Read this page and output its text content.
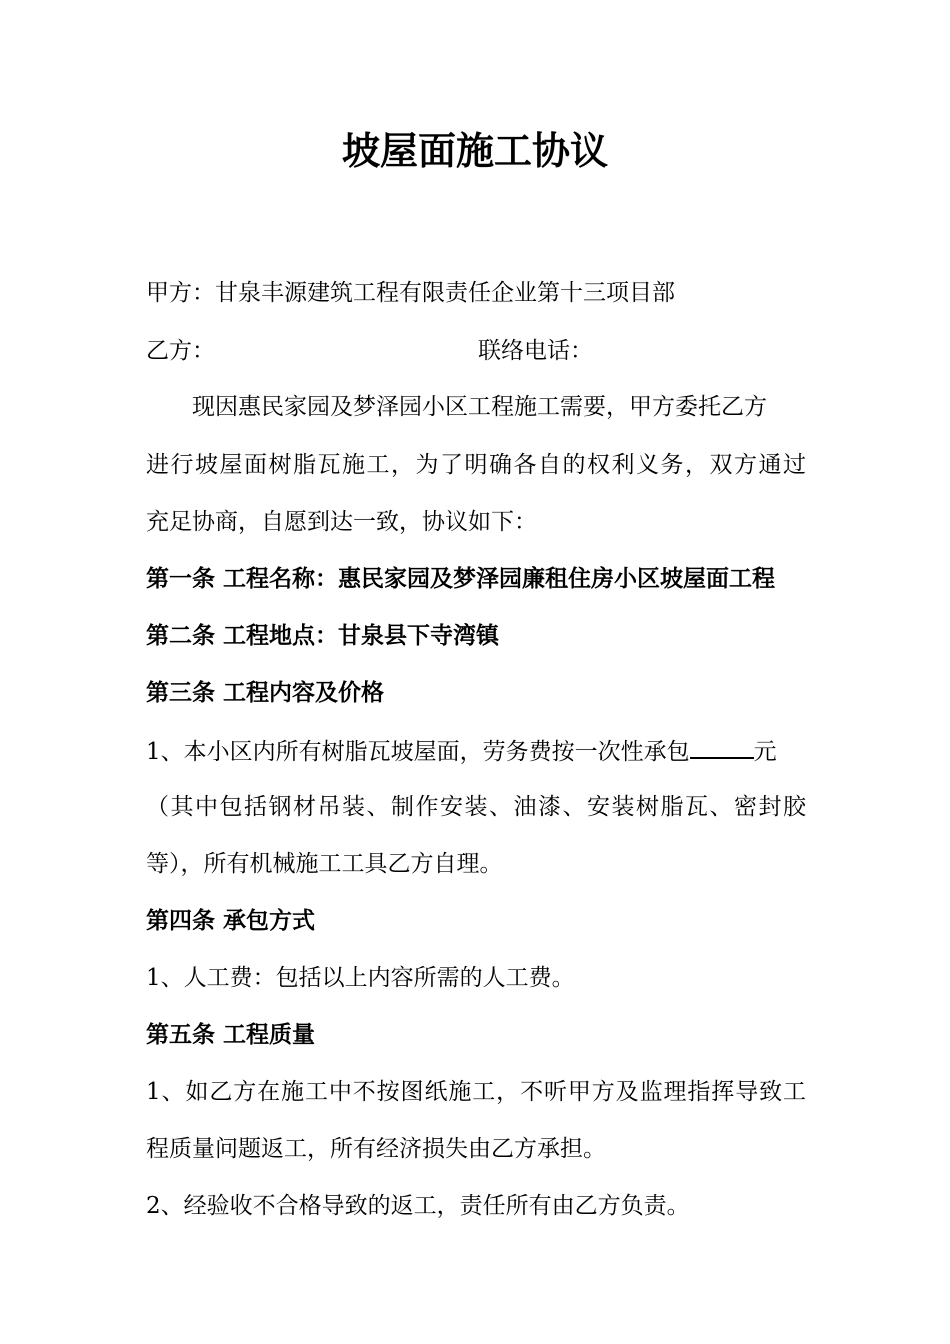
坡屋面施工协议
甲方：甘泉丰源建筑工程有限责任企业第十三项目部
乙方：	联络电话：
现因惠民家园及梦泽园小区工程施工需要，甲方委托乙方
进行坡屋面树脂瓦施工，为了明确各自的权利义务，双方通过
充足协商，自愿到达一致，协议如下：
第一条 工程名称：惠民家园及梦泽园廉租住房小区坡屋面工程
第二条 工程地点：甘泉县下寺湾镇
第三条 工程内容及价格
1、本小区内所有树脂瓦坡屋面，劳务费按一次性承包	元
（其中包括钢材吊装、制作安装、油漆、安装树脂瓦、密封胶
等），所有机械施工工具乙方自理。
第四条 承包方式
1、人工费：包括以上内容所需的人工费。
第五条 工程质量
1、如乙方在施工中不按图纸施工，不听甲方及监理指挥导致工
程质量问题返工，所有经济损失由乙方承担。
2、经验收不合格导致的返工，责任所有由乙方负责。
